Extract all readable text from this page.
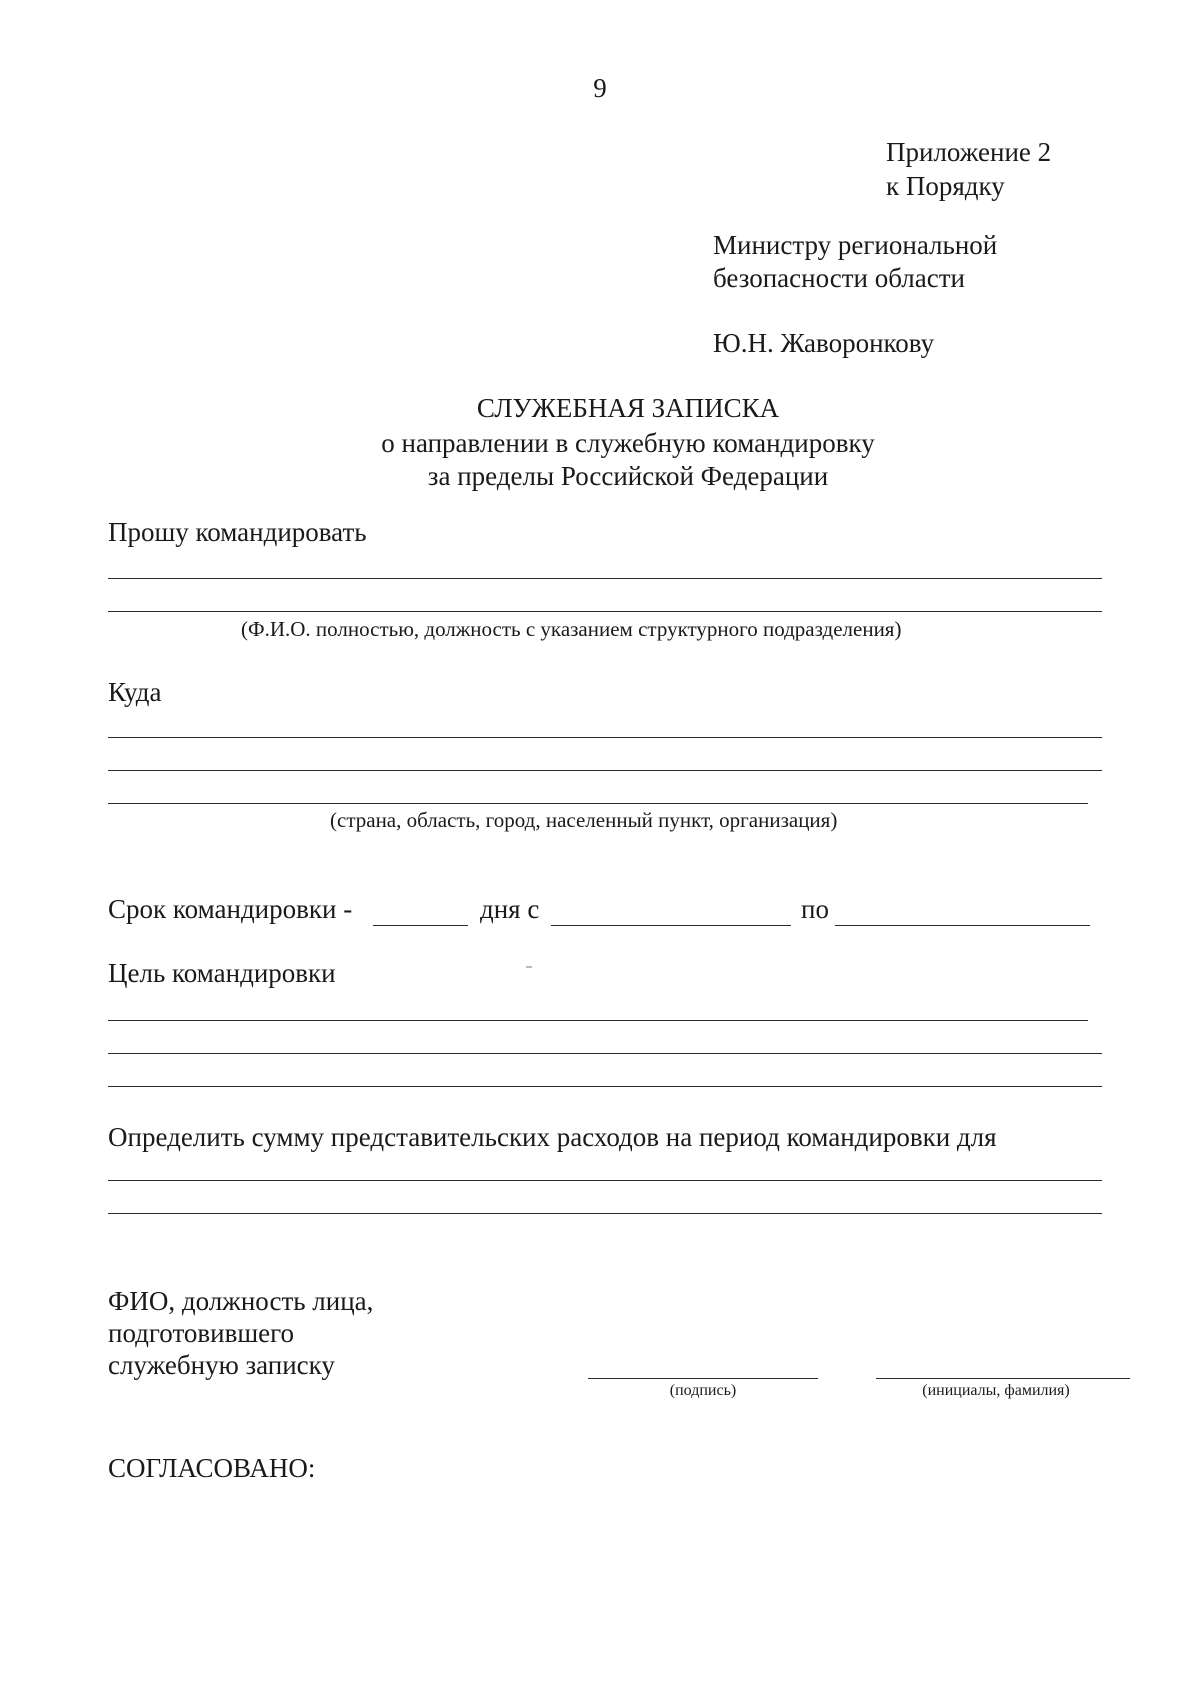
9
Приложение 2
к Порядку
Министру региональной
безопасности области
Ю.Н. Жаворонкову
СЛУЖЕБНАЯ ЗАПИСКА
о направлении в служебную командировку
за пределы Российской Федерации
Прошу командировать
(Ф.И.О. полностью, должность с указанием структурного подразделения)
Куда
(страна, область, город, населенный пункт, организация)
Срок командировки -	дня с	по
Цель командировки
Определить сумму представительских расходов на период командировки для
ФИО, должность лица,
подготовившего
служебную записку
(подпись)	(инициалы, фамилия)
СОГЛАСОВАНО:
